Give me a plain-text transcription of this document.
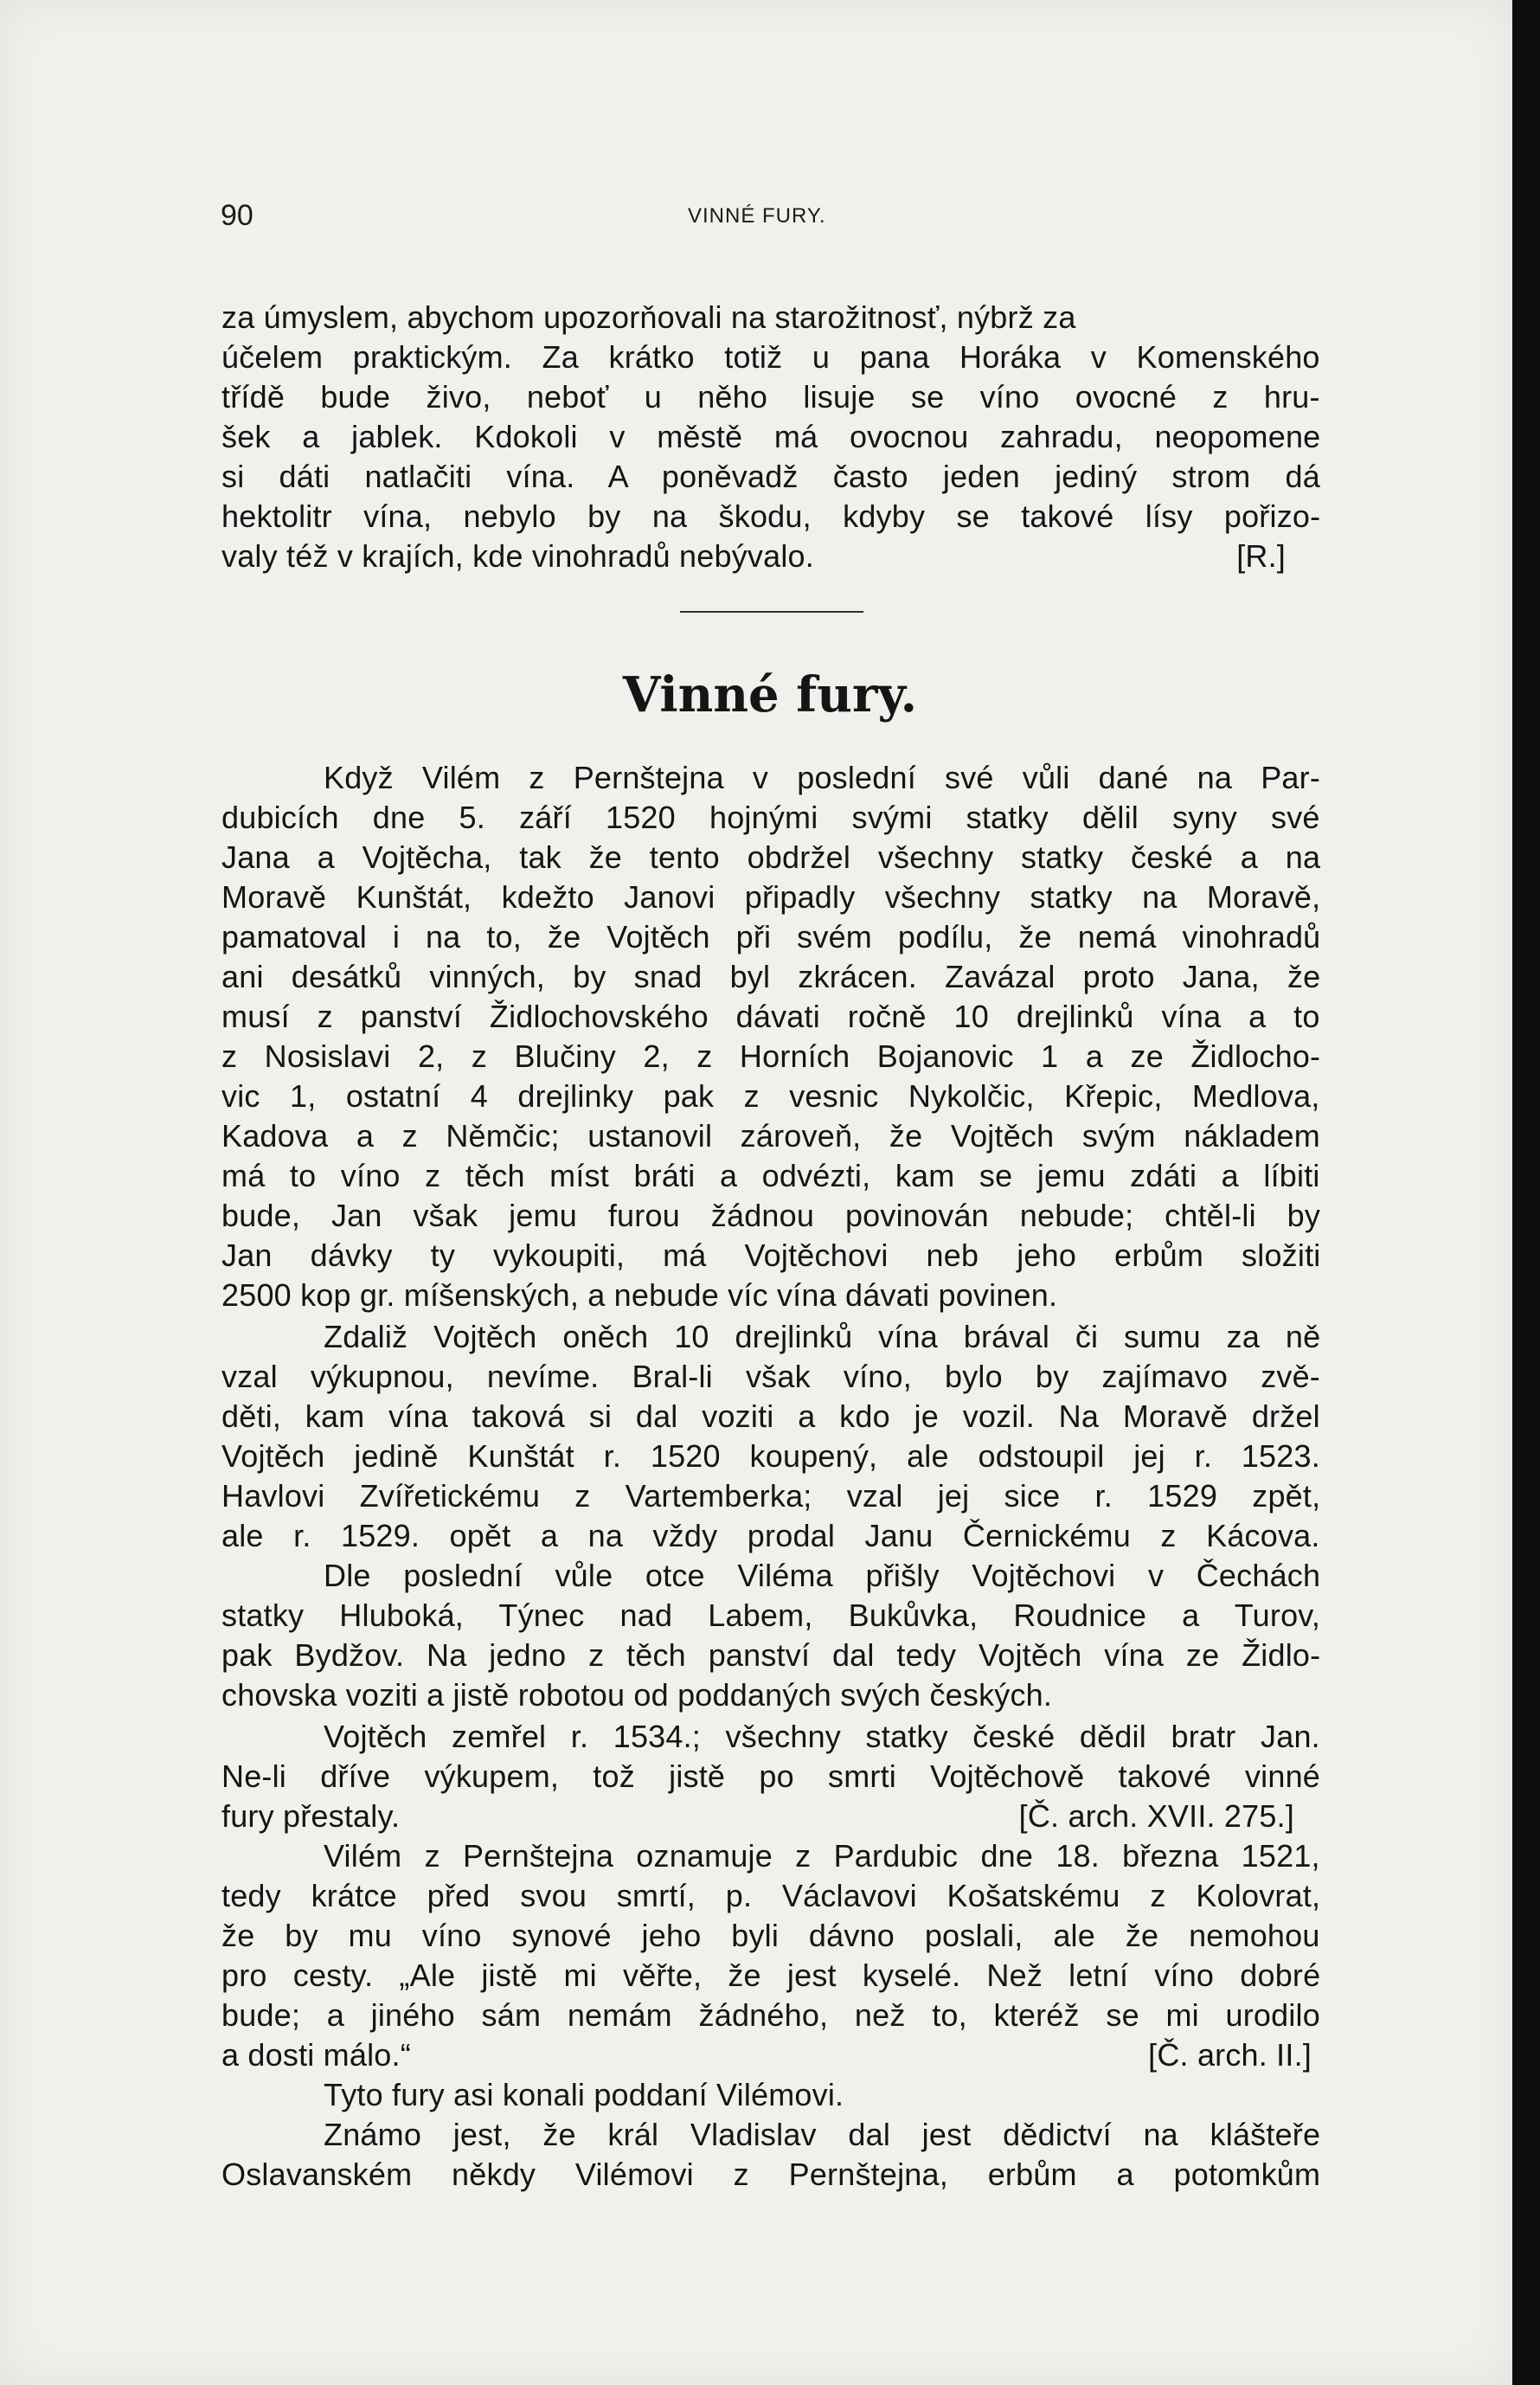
90	VINNÉ FURY.
za úmyslem, abychom upozorňovali na starožitnosť, nýbrž za
účelem praktickým. Za krátko totiž u pana Horáka v Komenského
třídě bude živo, neboť u něho lisuje se víno ovocné z hru-
šek a jablek. Kdokoli v městě má ovocnou zahradu, neopomene
si dáti natlačiti vína. A poněvadž často jeden jediný strom dá
hektolitr vína, nebylo by na škodu, kdyby se takové lísy pořizo-
valy též v krajích, kde vinohradů nebývalo.	[R.]
Vinné fury.
Když Vilém z Pernštejna v poslední své vůli dané na Par-
dubicích dne 5. září 1520 hojnými svými statky dělil syny své
Jana a Vojtěcha, tak že tento obdržel všechny statky české a na
Moravě Kunštát, kdežto Janovi připadly všechny statky na Moravě,
pamatoval i na to, že Vojtěch při svém podílu, že nemá vinohradů
ani desátků vinných, by snad byl zkrácen. Zavázal proto Jana, že
musí z panství Židlochovského dávati ročně 10 drejlinků vína a to
z Nosislavi 2, z Blučiny 2, z Horních Bojanovic 1 a ze Židlocho-
vic 1, ostatní 4 drejlinky pak z vesnic Nykolčic, Křepic, Medlova,
Kadova a z Němčic; ustanovil zároveň, že Vojtěch svým nákladem
má to víno z těch míst bráti a odvézti, kam se jemu zdáti a líbiti
bude, Jan však jemu furou žádnou povinován nebude; chtěl-li by
Jan dávky ty vykoupiti, má Vojtěchovi neb jeho erbům složiti
2500 kop gr. míšenských, a nebude víc vína dávati povinen.
Zdaliž Vojtěch oněch 10 drejlinků vína brával či sumu za ně
vzal výkupnou, nevíme. Bral-li však víno, bylo by zajímavo zvě-
děti, kam vína taková si dal voziti a kdo je vozil. Na Moravě držel
Vojtěch jedině Kunštát r. 1520 koupený, ale odstoupil jej r. 1523.
Havlovi Zvířetickému z Vartemberka; vzal jej sice r. 1529 zpět,
ale r. 1529. opět a na vždy prodal Janu Černickému z Kácova.
Dle poslední vůle otce Viléma přišly Vojtěchovi v Čechách
statky Hluboká, Týnec nad Labem, Bukůvka, Roudnice a Turov,
pak Bydžov. Na jedno z těch panství dal tedy Vojtěch vína ze Židlo-
chovska voziti a jistě robotou od poddaných svých českých.
Vojtěch zemřel r. 1534.; všechny statky české dědil bratr Jan.
Ne-li dříve výkupem, tož jistě po smrti Vojtěchově takové vinné
fury přestaly.	[Č. arch. XVII. 275.]
Vilém z Pernštejna oznamuje z Pardubic dne 18. března 1521,
tedy krátce před svou smrtí, p. Václavovi Košatskému z Kolovrat,
že by mu víno synové jeho byli dávno poslali, ale že nemohou
pro cesty. „Ale jistě mi věřte, že jest kyselé. Než letní víno dobré
bude; a jiného sám nemám žádného, než to, kteréž se mi urodilo
a dosti málo.“	[Č. arch. II.]
Tyto fury asi konali poddaní Vilémovi.
Známo jest, že král Vladislav dal jest dědictví na klášteře
Oslavanském někdy Vilémovi z Pernštejna, erbům a potomkům
